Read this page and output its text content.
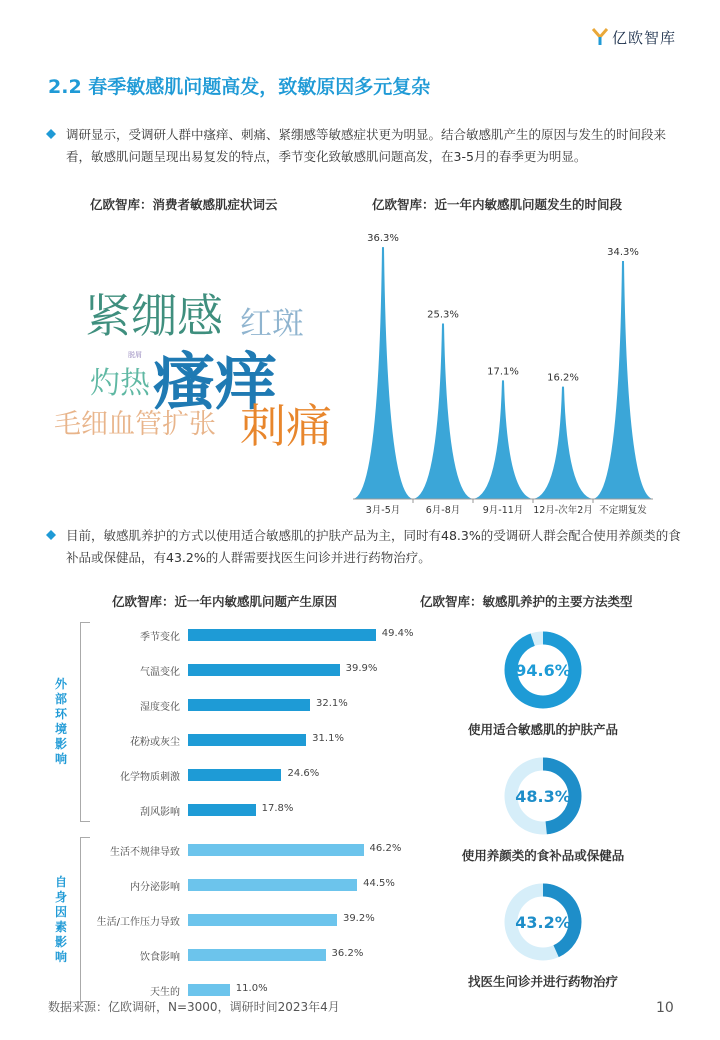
亿欧智库
2.2 春季敏感肌问题高发，致敏原因多元复杂
调研显示，受调研人群中瘙痒、刺痛、紧绷感等敏感症状更为明显。结合敏感肌产生的原因与发生的时间段来看，敏感肌问题呈现出易复发的特点，季节变化致敏感肌问题高发，在3-5月的春季更为明显。
亿欧智库：消费者敏感肌症状词云
紧绷感 红斑
瘙痒
灼热
脱屑
毛细血管扩张 刺痛
亿欧智库：近一年内敏感肌问题发生的时间段
36.3%
3月-5月
25.3%
6月-8月
17.1%
9月-11月
16.2%
12月-次年2月
34.3%
不定期复发
目前，敏感肌养护的方式以使用适合敏感肌的护肤产品为主，同时有48.3%的受调研人群会配合使用养颜类的食补品或保健品，有43.2%的人群需要找医生问诊并进行药物治疗。
亿欧智库：近一年内敏感肌问题产生原因
季节变化	49.4%
气温变化	39.9%
湿度变化	32.1%
花粉或灰尘	31.1%
化学物质刺激	24.6%
刮风影响	17.8%
外部环境影响
生活不规律导致	46.2%
内分泌影响	44.5%
生活/工作压力导致	39.2%
饮食影响	36.2%
天生的	11.0%
自身因素影响
亿欧智库：敏感肌养护的主要方法类型
94.6%
使用适合敏感肌的护肤产品
48.3%
使用养颜类的食补品或保健品
43.2%
找医生问诊并进行药物治疗
数据来源：亿欧调研，N=3000，调研时间2023年4月	10
